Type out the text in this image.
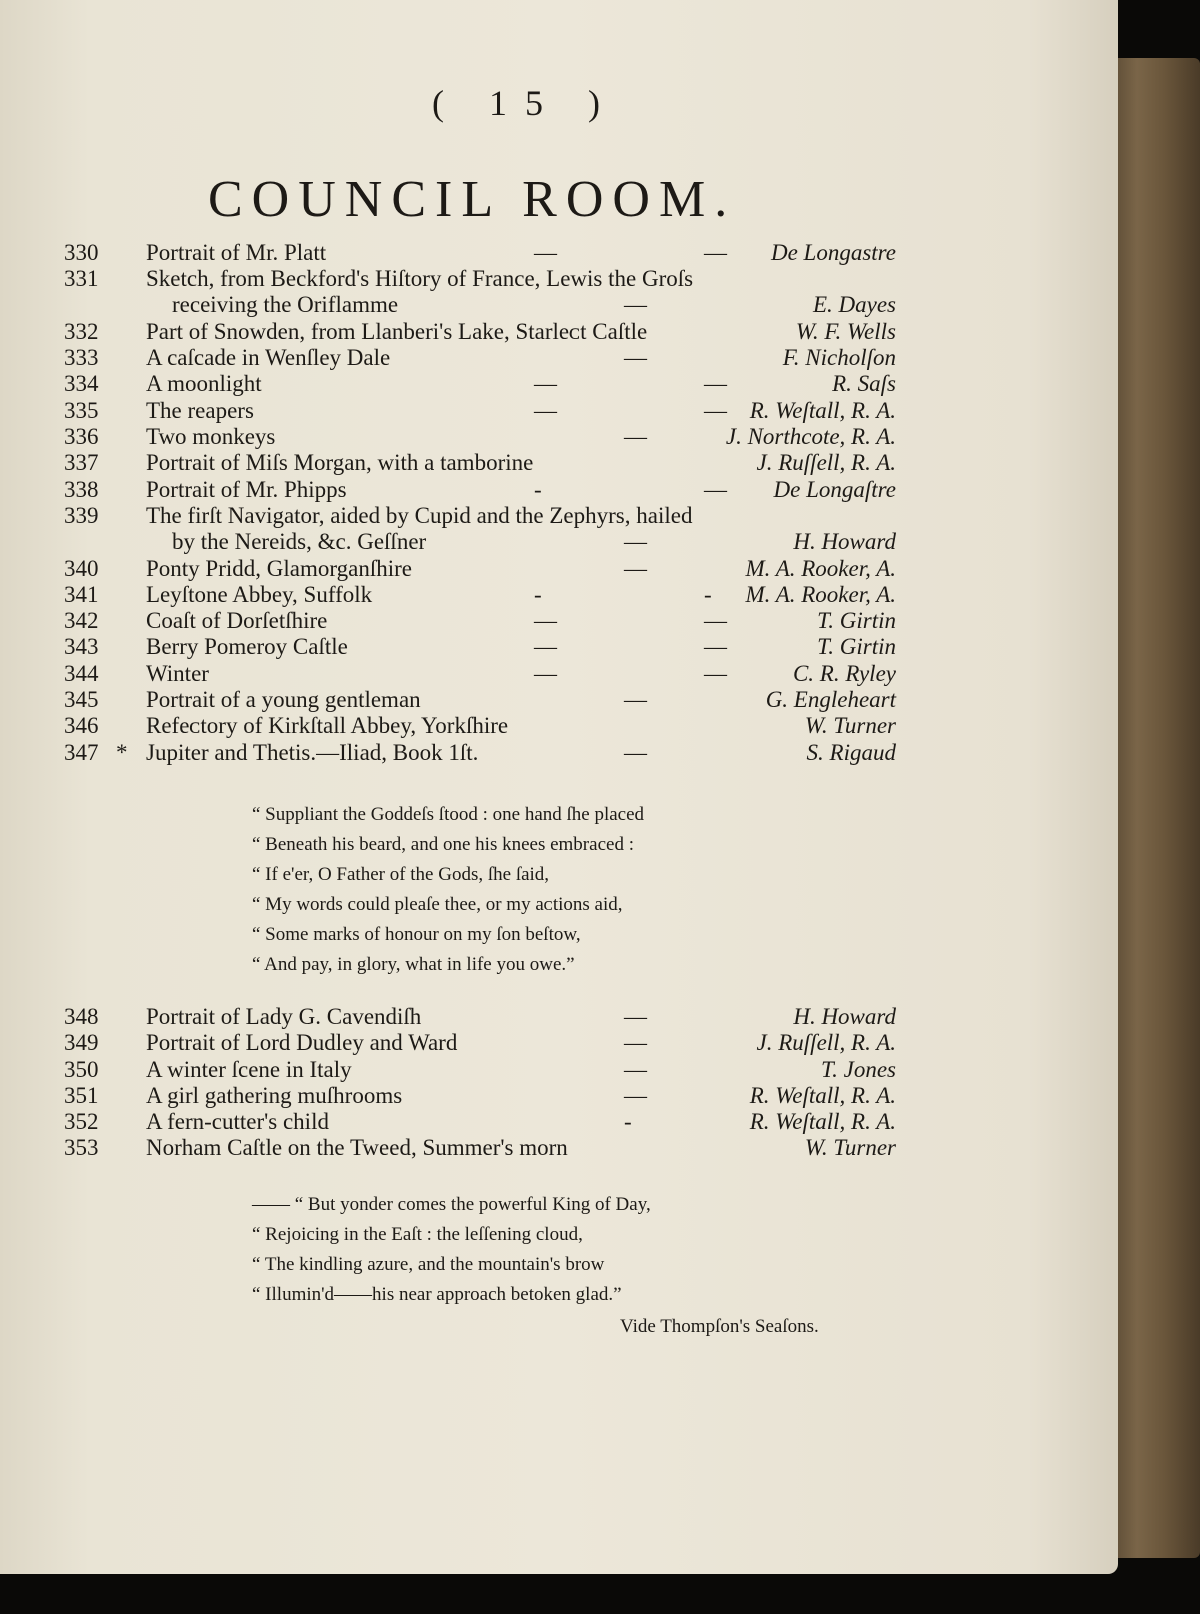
( 15 )
COUNCIL ROOM.
330 Portrait of Mr. Platt	—	— De Longastre
331 Sketch, from Beckford's Hiſtory of France, Lewis the Groſs
receiving the Oriflamme	—	E. Dayes
332 Part of Snowden, from Llanberi's Lake, Starleᴄt Caſtle	W. F. Wells
333 A caſcade in Wenſley Dale	—	F. Nicholſon
334 A moonlight	—	—	R. Saſs
335 The reapers	—	— R. Weſtall, R. A.
336 Two monkeys	—	J. Northcote, R. A.
337 Portrait of Miſs Morgan, with a tamborine	J. Ruſſell, R. A.
338 Portrait of Mr. Phipps	-	— De Longaſtre
339 The firſt Navigator, aided by Cupid and the Zephyrs, hailed
by the Nereids, &c. Geſſner	—	H. Howard
340 Ponty Pridd, Glamorganſhire	—	M. A. Rooker, A.
341 Leyſtone Abbey, Suffolk	-	- M. A. Rooker, A.
342 Coaſt of Dorſetſhire	—	—	T. Girtin
343 Berry Pomeroy Caſtle	—	—	T. Girtin
344 Winter	—	—	C. R. Ryley
345 Portrait of a young gentleman	—	G. Engleheart
346 Refeᴄtory of Kirkſtall Abbey, Yorkſhire	W. Turner
347 * Jupiter and Thetis.—Iliad, Book 1ſt.	—	S. Rigaud

“ Suppliant the Goddeſs ſtood : one hand ſhe placed

“ Beneath his beard, and one his knees embraced :

“ If e'er, O Father of the Gods, ſhe ſaid,

“ My words could pleaſe thee, or my aᴄtions aid,

“ Some marks of honour on my ſon beſtow,

“ And pay, in glory, what in life you owe.”

348 Portrait of Lady G. Cavendiſh	—	H. Howard
349 Portrait of Lord Dudley and Ward	—	J. Ruſſell, R. A.
350 A winter ſcene in Italy	—	T. Jones
351 A girl gathering muſhrooms	—	R. Weſtall, R. A.
352 A fern-cutter's child	-	R. Weſtall, R. A.
353 Norham Caſtle on the Tweed, Summer's morn	W. Turner

—— “ But yonder comes the powerful King of Day,

“ Rejoicing in the Eaſt : the leſſening cloud,

“ The kindling azure, and the mountain's brow

“ Illumin'd——his near approach betoken glad.”

Vide Thompſon's Seaſons.
